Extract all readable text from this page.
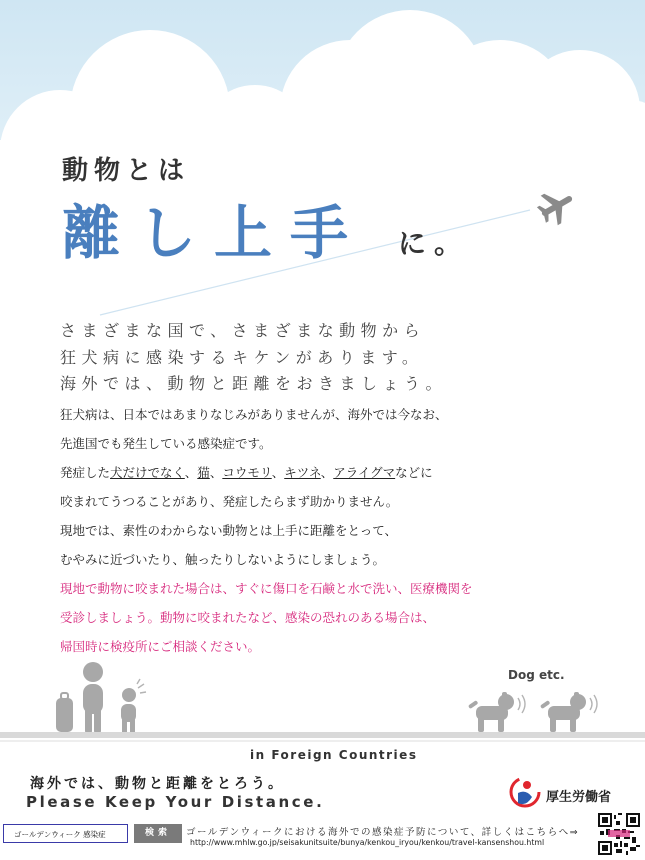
動物とは
離し上手 に。
さまざまな国で、さまざまな動物から
狂犬病に感染するキケンがあります。
海外では、動物と距離をおきましょう。
狂犬病は、日本ではあまりなじみがありませんが、海外では今なお、
先進国でも発生している感染症です。
発症した犬だけでなく、猫、コウモリ、キツネ、アライグマなどに
咬まれてうつることがあり、発症したらまず助かりません。
現地では、素性のわからない動物とは上手に距離をとって、
むやみに近づいたり、触ったりしないようにしましょう。
現地で動物に咬まれた場合は、すぐに傷口を石鹸と水で洗い、医療機関を
受診しましょう。動物に咬まれたなど、感染の恐れのある場合は、
帰国時に検疫所にご相談ください。
Dog etc.
in Foreign Countries
海外では、動物と距離をとろう。
Please Keep Your Distance.	厚生労働省
ゴールデンウィーク 感染症	検索	ゴールデンウィークにおける海外での感染症予防について、詳しくはこちらへ⇒
http://www.mhlw.go.jp/seisakunitsuite/bunya/kenkou_iryou/kenkou/travel-kansenshou.html
